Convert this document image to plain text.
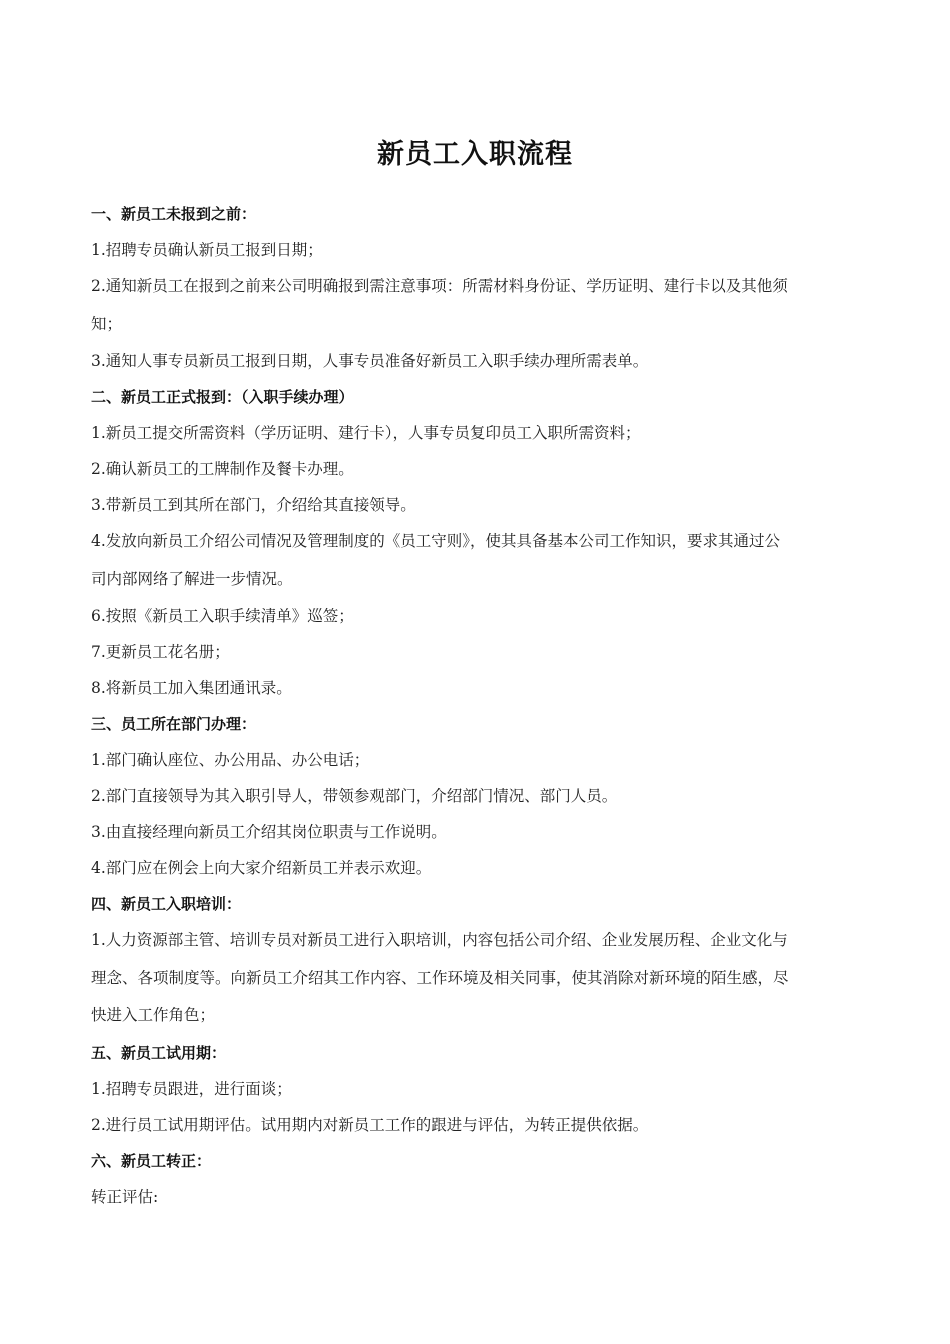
新员工入职流程

一、新员工未报到之前：

1.招聘专员确认新员工报到日期；

2.通知新员工在报到之前来公司明确报到需注意事项：所需材料身份证、学历证明、建行卡以及其他须

知；

3.通知人事专员新员工报到日期，人事专员准备好新员工入职手续办理所需表单。

二、新员工正式报到：（入职手续办理）

1.新员工提交所需资料（学历证明、建行卡），人事专员复印员工入职所需资料；

2.确认新员工的工牌制作及餐卡办理。

3.带新员工到其所在部门，介绍给其直接领导。

4.发放向新员工介绍公司情况及管理制度的《员工守则》，使其具备基本公司工作知识，要求其通过公

司内部网络了解进一步情况。

6.按照《新员工入职手续清单》巡签；

7.更新员工花名册；

8.将新员工加入集团通讯录。

三、员工所在部门办理：

1.部门确认座位、办公用品、办公电话；

2.部门直接领导为其入职引导人，带领参观部门，介绍部门情况、部门人员。

3.由直接经理向新员工介绍其岗位职责与工作说明。

4.部门应在例会上向大家介绍新员工并表示欢迎。

四、新员工入职培训：

1.人力资源部主管、培训专员对新员工进行入职培训，内容包括公司介绍、企业发展历程、企业文化与

理念、各项制度等。向新员工介绍其工作内容、工作环境及相关同事，使其消除对新环境的陌生感，尽

快进入工作角色；

五、新员工试用期：

1.招聘专员跟进，进行面谈；

2.进行员工试用期评估。试用期内对新员工工作的跟进与评估，为转正提供依据。

六、新员工转正：

转正评估:
